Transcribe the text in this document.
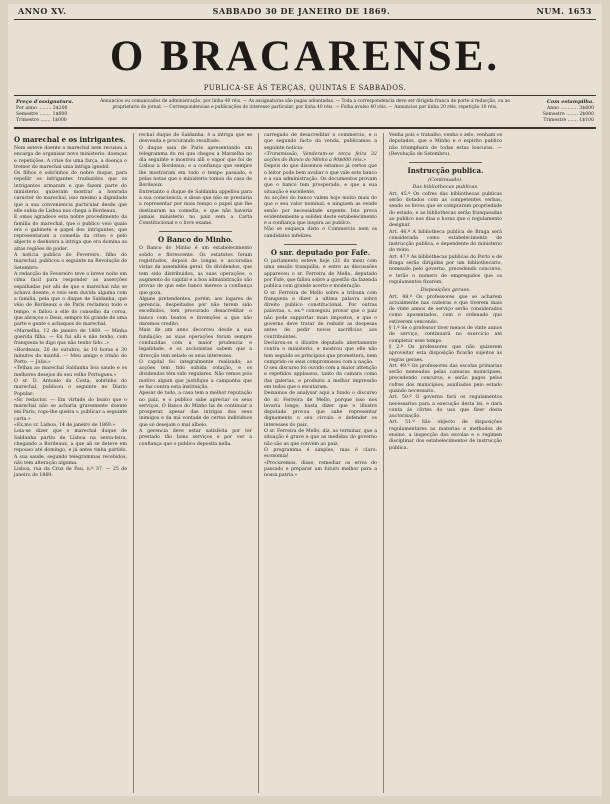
ANNO XV.	SABBADO 30 DE JANEIRO DE 1869.	NUM. 1653
O BRACARENSE.
PUBLICA-SE ÁS TERÇAS, QUINTAS E SABBADOS.
Preço d'assignatura.
Por anno ......... 3$200
Semestre ........ 1$800
Trimestre ....... 1$000
Annuncios ou comunicados de administração, por linha 40 réis. — As assignaturas são pagas adiantadas. — Toda a correspondencia deve ser dirigida franca de porte á redacção, ou ao proprietario do jornal. — Correspondencias e publicações de interesse particular, por linha 40 réis. — Folha avulso 40 réis. — Annuncios por linha 20 réis, repetição 10 réis.
Com estampilha.
Anno ............ 3$600
Semestre ........ 2$000
Trimestre ....... 1$100
O marechal e os intrigantes.
Nem esteve doente o marechal nem recusou a encarga de organisar novo ministerio: doenças e repetições. A crise foi uma farça, a doença o tremor do marechal uma intriga ignobil.
Os filhos e sobrinhos do nobre duque, para repellir os intrigantes traduzidos que os intrigantes armaram e que fazem parte do ministerio, quizeram mostrar a honrada caracter do marechal, isso mesmo a dignidade que a sua conveniencia particular desde que elle subia de Lisboa nos chega a Bordeaux.
E omos agradece esta nobre procedimento da familia do marechal, que o publico veio qualo era o gabinete e papel dos intrigantes, que representaram a comedia da crise; e pelo abjecto e deshonra a intriga que ora domina as altas regiões do poder.
A noticia publica do Fevereiro, filho do marechal, publicou o seguinte na Revolução de Setembro:
A redacção do Fevereiro teve o breve noite em cima facil para responder as asserções espalhadas por ahi de que o marechal não se achava doente, e veio sem duvida alguma com a familia, pela que o duque de Saldanha, que vêio de Bordeaux e de Paris reclamou todo e tempo, e fallou a elle do conselho da coroa, que abraçou o Deus, sempre foi grande de uma parte e gente o achaques do marechal.
«Marselha, 12 de janeiro de 1869. — Minha querida filha. — Eu fui alli e não tenho, com franqueza te digo que não tenho tido...»
«Bordeaux, 20 de outubro, ás 10 horas e 30 minutos da manhã. — Meu amigo e irmão do Porto. — Julio.»
«Telhas ao marechal Saldanha boa saude e os melhores desejos do seu velho Portugues.»
O sr. D. Antonio da Costa, sobrinho do marechal, publicou o seguinte no Diario Popular:
«Sr. redactor. — Em virtude do boato que o marechal não se acharia gravemente doente em Paris, rogo-lhe queira v. publicar a seguinte carta.»
«Ex.mo sr. Lisboa, 14 de janeiro de 1869.»
Leia-se dizer que o marechal duque de Saldanha partiu de Lisboa na sexta-feira, chegando a Bordeaux, a que ali se deteve em repouso até domingo, e já antes tinha partido. A sua saude, segundo telegrammas recebidos, não tem alteração alguma.
Lisboa, rua da Cruz de Pau, n.º 37. — 25 de janeiro de 1869.
rechal duque de Saldanha, é a intriga que se desvenda e procurando resultado.
O duque saiu de Paris apresentando um telegramma do rei que chegou a Marselha no dia seguinte e mostrou alli o vapor que foi de Lisboa a Bordeaux, e a confiança que sempre lhe mostraram em todo o tempo passado, e pelas notas que o ministerio tomou da casa de Bordeaux.
Entretanto o duque de Saldanha appellou para a sua consciencia, e disse que não se prestaria a representar por mais tempo o papel que lhe destinaram na comedia, e que não haveria jamais ministerio no paiz sem a Carta Constitucional e o livre exame.
O Banco do Minho.
O Banco do Minho é um estabelecimento solido e florescente. Os estatutos foram registrados, depois de longas e accuradas vistas da assembléa geral. Os dividendos, que tem sido distribuidos, as suas operações, o augmento do capital e a boa administração são provas de que este banco merece a confiança que goza.
Alguns pretendentes, porém, aos logares de gerencia, despeitados por não terem sido escolhidos, tem procurado desacreditar o banco com boatos e invenções a que não daremos credito.
Mais de um anno decorreu desde a sua fundação; as suas operações foram sempre conduzidas com a maior prudencia e legalidade, e os accionistas sabem que a direcção tem zelado os seus interesses.
O capital foi integralmente realizado; as acções tem tido subida cotação, e os dividendos têm sido regulares. Não vemos pois motivo algum que justifique a campanha que se faz contra esta instituição.
Apesar de tudo, a casa tem a melhor reputação no paiz, e o publico sabe apreciar os seus serviços. O Banco do Minho ha de continuar a prosperar, apesar das intrigas dos seus inimigos e da má vontade de certos individuos que só desejam o mal alheio.
A gerencia deve estar satisfeita por ter prestado tão bons serviços e por ver a confiança que o publico deposita nella.
carregado de desacreditar o commercio, e o que segundo facto da venda, publicamos a seguinte noticia:
«Transmissão. Venderam-se terça feira 32 acções do Banco do Minho a 90$000 réis.»
Depois do que dissemos estamos já certos que o leitor pode bem avaliar o que vale este banco e a sua administração. Os documentos provam que o banco tem prosperado, e que a sua situação é excellente.
As acções do banco valem hoje muito mais do que o seu valor nominal, e ninguem as vende senão por necessidade urgente. Isto prova evidentemente a solidez deste estabelecimento e a confiança que inspira ao publico.
Não se esqueça disto o Commercio nem os candidatos infelizes.
O snr. deputado por Fafe.
O parlamento esteve hoje (21 do mez) com uma sessão tranquilla; e entre as discussões appareceu o sr. Ferreira de Mello, deputado por Fafe, que fallou sobre a questão da fazenda publica com grande acerto e moderação.
O sr. Ferreira de Mello sobre a tribuna com franqueza e dizer a ultima palavra sobre direito publico constitucional. Por outras palavras, s. ex.ª conseguiu provar que o paiz não pode supportar mais impostos, e que o governo deve tratar de reduzir as despesas antes de pedir novos sacrificios aos contribuintes.
Declarou-se o illustre deputado abertamente contra o ministerio, e mostrou que elle não tem seguido os principios que promettera, nem cumprido os seus compromissos com a nação.
O seu discurso foi ouvido com a maior attenção e repetidos applausos, tanto da camara como das galerias, e produziu a melhor impressão em todos que o escutaram.
Deixamos de analysar aqui a fundo o discurso do sr. Ferreira de Mello, porque isso nos levaria longe; basta dizer que o illustre deputado provou que sabe representar dignamente o seu circulo e defender os interesses do paiz.
O sr. Ferreira de Mello, diz, ao terminar, que a situação é grave e que as medidas do governo não são as que convém ao paiz.
O programma é simples, mas é claro: economia!
«Procuremos, disse, remediar os erros do passado e preparar um futuro melhor para a nossa patria.»
Venha pois o trabalho, venha o zelo, venham os deputados, que o Minho e o espirito publico não triumphará de todas estas loucuras. — (Revolução de Setembro).
Instrucção publica.
(Continuado).
Das bibliothecas publicas.
Art. 45.º Os cofres das bibliothecas publicas serão dotados com as competentes verbas, sendo os livros que se comprarem propriedade do estado; e as bibliothecas serão franqueadas ao publico nos dias e horas que o regulamento designar.
Art. 46.º A bibliotheca publica de Braga será considerada como estabelecimento de instrucção publica, e dependente do ministerio do reino.
Art. 47.º As bibliothecas publicas do Porto e de Braga serão dirigidas por um bibliothecario, nomeado pelo governo, precedendo concurso, e terão o numero de empregados que os regulamentos fixarem.
Disposições geraes.
Art. 48.º Os professores que se acharem actualmente nas cadeiras e que tiverem mais de vinte annos de serviço serão considerados como aposentados, com o ordenado que estiverem vencendo.
§ 1.º Se o professor tiver menos de vinte annos de serviço, continuará no exercicio até completar esse tempo.
§ 2.º Os professores que não quizerem aproveitar esta disposição ficarão sujeitos ás regras geraes.
Art. 49.º Os professores das escolas primarias serão nomeados pelas camaras municipaes, precedendo concurso, e serão pagos pelos cofres dos municipios, auxiliados pelo estado quando necessario.
Art. 50.º O governo fará os regulamentos necessarios para a execução desta lei, e dará conta ás côrtes do uso que fizer desta auctorisação.
Art. 51.º São objecto de disposições regulamentares as materias e methodos de ensino, a inspecção das escolas e o regimen disciplinar dos estabelecimentos de instrucção publica.
